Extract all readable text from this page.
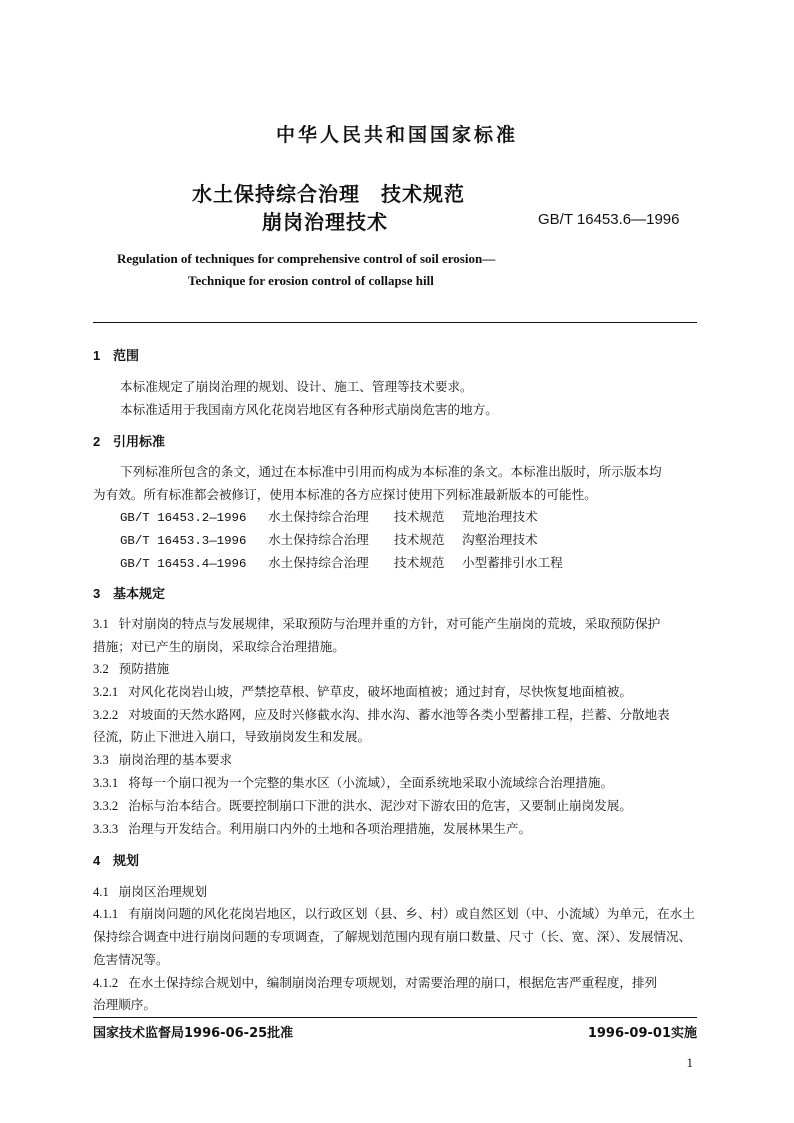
中华人民共和国国家标准
水土保持综合治理　技术规范
崩岗治理技术	GB/T 16453.6—1996
Regulation of techniques for comprehensive control of soil erosion—
Technique for erosion control of collapse hill
1 范围
本标准规定了崩岗治理的规划、设计、施工、管理等技术要求。
本标准适用于我国南方风化花岗岩地区有各种形式崩岗危害的地方。
2 引用标准
下列标准所包含的条文，通过在本标准中引用而构成为本标准的条文。本标准出版时，所示版本均
为有效。所有标准都会被修订，使用本标准的各方应探讨使用下列标准最新版本的可能性。
GB/T 16453.2—1996 水土保持综合治理 技术规范 荒地治理技术
GB/T 16453.3—1996 水土保持综合治理 技术规范 沟壑治理技术
GB/T 16453.4—1996 水土保持综合治理 技术规范 小型蓄排引水工程
3 基本规定
3.1 针对崩岗的特点与发展规律，采取预防与治理并重的方针，对可能产生崩岗的荒坡，采取预防保护
措施；对已产生的崩岗，采取综合治理措施。
3.2 预防措施
3.2.1 对风化花岗岩山坡，严禁挖草根、铲草皮，破坏地面植被；通过封育，尽快恢复地面植被。
3.2.2 对坡面的天然水路网，应及时兴修截水沟、排水沟、蓄水池等各类小型蓄排工程，拦蓄、分散地表
径流，防止下泄进入崩口，导致崩岗发生和发展。
3.3 崩岗治理的基本要求
3.3.1 将每一个崩口视为一个完整的集水区（小流域），全面系统地采取小流域综合治理措施。
3.3.2 治标与治本结合。既要控制崩口下泄的洪水、泥沙对下游农田的危害，又要制止崩岗发展。
3.3.3 治理与开发结合。利用崩口内外的土地和各项治理措施，发展林果生产。
4 规划
4.1 崩岗区治理规划
4.1.1 有崩岗问题的风化花岗岩地区，以行政区划（县、乡、村）或自然区划（中、小流域）为单元，在水土
保持综合调查中进行崩岗问题的专项调查，了解规划范围内现有崩口数量、尺寸（长、宽、深）、发展情况、
危害情况等。
4.1.2 在水土保持综合规划中，编制崩岗治理专项规划，对需要治理的崩口，根据危害严重程度，排列
治理顺序。
国家技术监督局1996-06-25批准	1996-09-01实施
1
